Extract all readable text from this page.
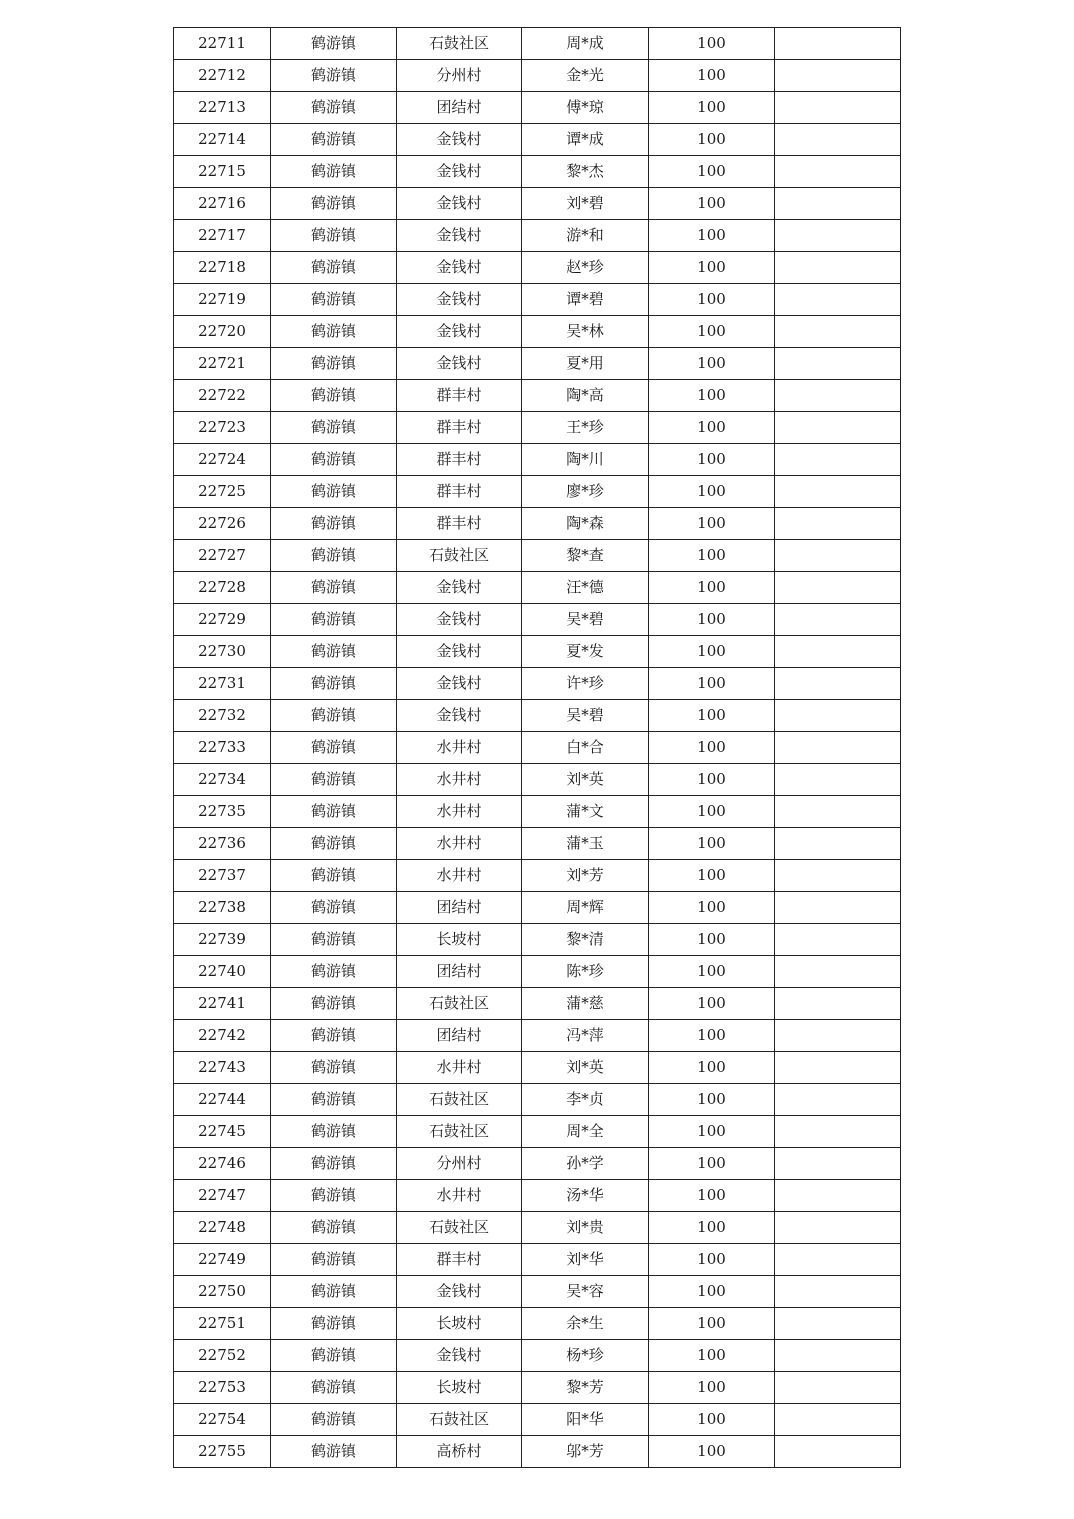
22711	鹤游镇	石鼓社区	周*成	100	
22712	鹤游镇	分州村	金*光	100	
22713	鹤游镇	团结村	傅*琼	100	
22714	鹤游镇	金钱村	谭*成	100	
22715	鹤游镇	金钱村	黎*杰	100	
22716	鹤游镇	金钱村	刘*碧	100	
22717	鹤游镇	金钱村	游*和	100	
22718	鹤游镇	金钱村	赵*珍	100	
22719	鹤游镇	金钱村	谭*碧	100	
22720	鹤游镇	金钱村	吴*林	100	
22721	鹤游镇	金钱村	夏*用	100	
22722	鹤游镇	群丰村	陶*高	100	
22723	鹤游镇	群丰村	王*珍	100	
22724	鹤游镇	群丰村	陶*川	100	
22725	鹤游镇	群丰村	廖*珍	100	
22726	鹤游镇	群丰村	陶*森	100	
22727	鹤游镇	石鼓社区	黎*查	100	
22728	鹤游镇	金钱村	汪*德	100	
22729	鹤游镇	金钱村	吴*碧	100	
22730	鹤游镇	金钱村	夏*发	100	
22731	鹤游镇	金钱村	许*珍	100	
22732	鹤游镇	金钱村	吴*碧	100	
22733	鹤游镇	水井村	白*合	100	
22734	鹤游镇	水井村	刘*英	100	
22735	鹤游镇	水井村	蒲*文	100	
22736	鹤游镇	水井村	蒲*玉	100	
22737	鹤游镇	水井村	刘*芳	100	
22738	鹤游镇	团结村	周*辉	100	
22739	鹤游镇	长坡村	黎*清	100	
22740	鹤游镇	团结村	陈*珍	100	
22741	鹤游镇	石鼓社区	蒲*慈	100	
22742	鹤游镇	团结村	冯*萍	100	
22743	鹤游镇	水井村	刘*英	100	
22744	鹤游镇	石鼓社区	李*贞	100	
22745	鹤游镇	石鼓社区	周*全	100	
22746	鹤游镇	分州村	孙*学	100	
22747	鹤游镇	水井村	汤*华	100	
22748	鹤游镇	石鼓社区	刘*贵	100	
22749	鹤游镇	群丰村	刘*华	100	
22750	鹤游镇	金钱村	吴*容	100	
22751	鹤游镇	长坡村	余*生	100	
22752	鹤游镇	金钱村	杨*珍	100	
22753	鹤游镇	长坡村	黎*芳	100	
22754	鹤游镇	石鼓社区	阳*华	100	
22755	鹤游镇	高桥村	邬*芳	100	
